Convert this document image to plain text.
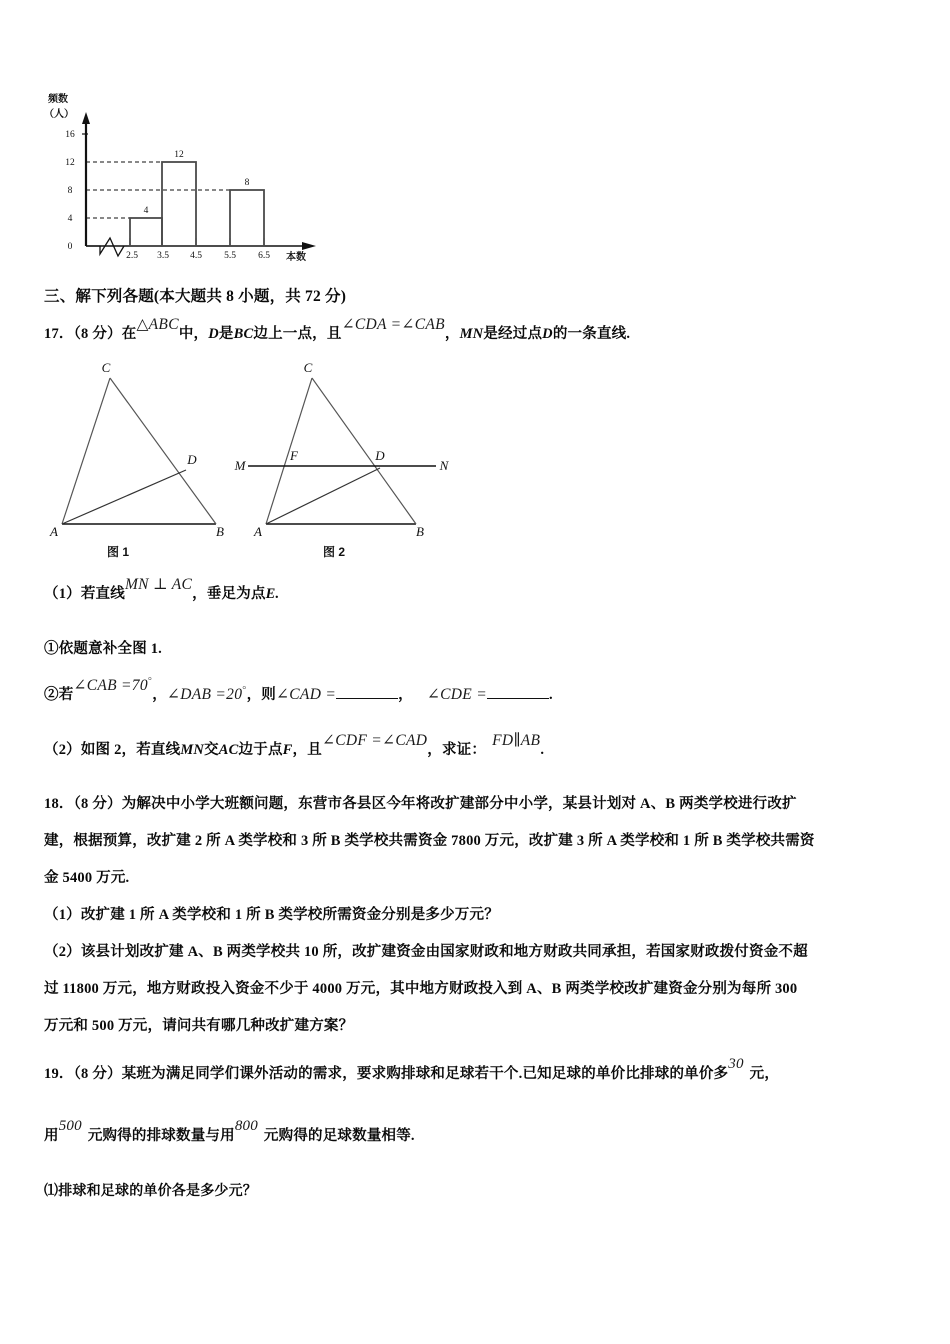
频数
（人）
0
4
8
12
16
2.5 3.5 4.5 5.5 6.5 本数
4
12
8
三、解下列各题(本大题共 8 小题，共 72 分)
17．（8 分）在△ABC中，D是BC边上一点，且∠CDA =∠CAB，MN是经过点D的一条直线.
C
A	B
D
图 1
C
A	B
D
F
M	N
图 2
（1）若直线MN ⊥ AC，垂足为点E.
①依题意补全图 1.
②若∠CAB =70°，∠DAB =20°，则∠CAD =	， ∠CDE =	.
（2）如图 2，若直线MN交AC边于点F，且∠CDF =∠CAD，求证：FD∥AB.
18．（8 分）为解决中小学大班额问题，东营市各县区今年将改扩建部分中小学，某县计划对 A、B 两类学校进行改扩
建，根据预算，改扩建 2 所 A 类学校和 3 所 B 类学校共需资金 7800 万元，改扩建 3 所 A 类学校和 1 所 B 类学校共需资
金 5400 万元.
（1）改扩建 1 所 A 类学校和 1 所 B 类学校所需资金分别是多少万元？
（2）该县计划改扩建 A、B 两类学校共 10 所，改扩建资金由国家财政和地方财政共同承担，若国家财政拨付资金不超
过 11800 万元，地方财政投入资金不少于 4000 万元，其中地方财政投入到 A、B 两类学校改扩建资金分别为每所 300
万元和 500 万元，请问共有哪几种改扩建方案？
19．（8 分）某班为满足同学们课外活动的需求，要求购排球和足球若干个.已知足球的单价比排球的单价多30元，
用500元购得的排球数量与用800元购得的足球数量相等.
⑴排球和足球的单价各是多少元？
